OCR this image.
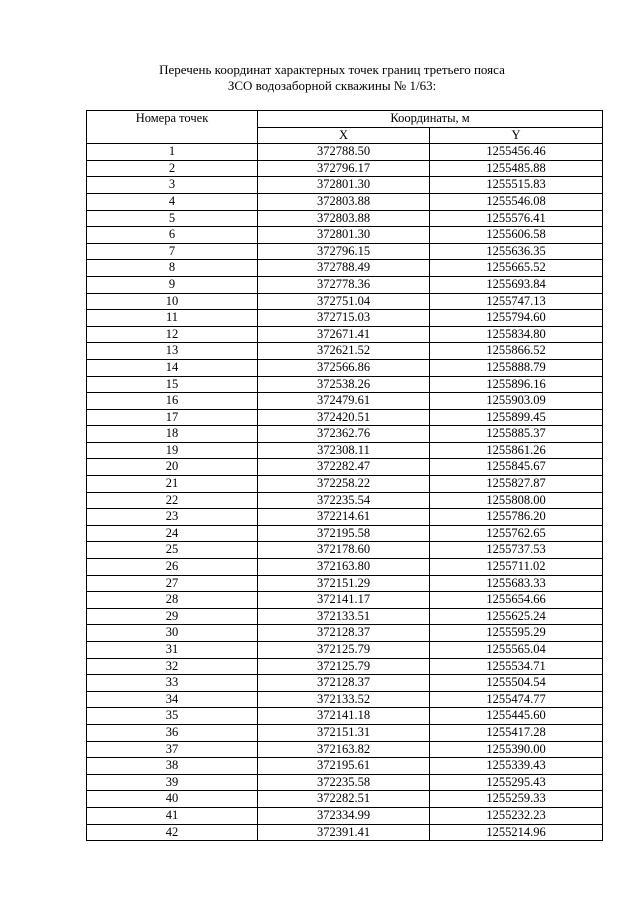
Перечень координат характерных точек границ третьего пояса
ЗСО водозаборной скважины № 1/63:
Номера точек	Координаты, м	
	X	Y
1	372788.50	1255456.46
2	372796.17	1255485.88
3	372801.30	1255515.83
4	372803.88	1255546.08
5	372803.88	1255576.41
6	372801.30	1255606.58
7	372796.15	1255636.35
8	372788.49	1255665.52
9	372778.36	1255693.84
10	372751.04	1255747.13
11	372715.03	1255794.60
12	372671.41	1255834.80
13	372621.52	1255866.52
14	372566.86	1255888.79
15	372538.26	1255896.16
16	372479.61	1255903.09
17	372420.51	1255899.45
18	372362.76	1255885.37
19	372308.11	1255861.26
20	372282.47	1255845.67
21	372258.22	1255827.87
22	372235.54	1255808.00
23	372214.61	1255786.20
24	372195.58	1255762.65
25	372178.60	1255737.53
26	372163.80	1255711.02
27	372151.29	1255683.33
28	372141.17	1255654.66
29	372133.51	1255625.24
30	372128.37	1255595.29
31	372125.79	1255565.04
32	372125.79	1255534.71
33	372128.37	1255504.54
34	372133.52	1255474.77
35	372141.18	1255445.60
36	372151.31	1255417.28
37	372163.82	1255390.00
38	372195.61	1255339.43
39	372235.58	1255295.43
40	372282.51	1255259.33
41	372334.99	1255232.23
42	372391.41	1255214.96
